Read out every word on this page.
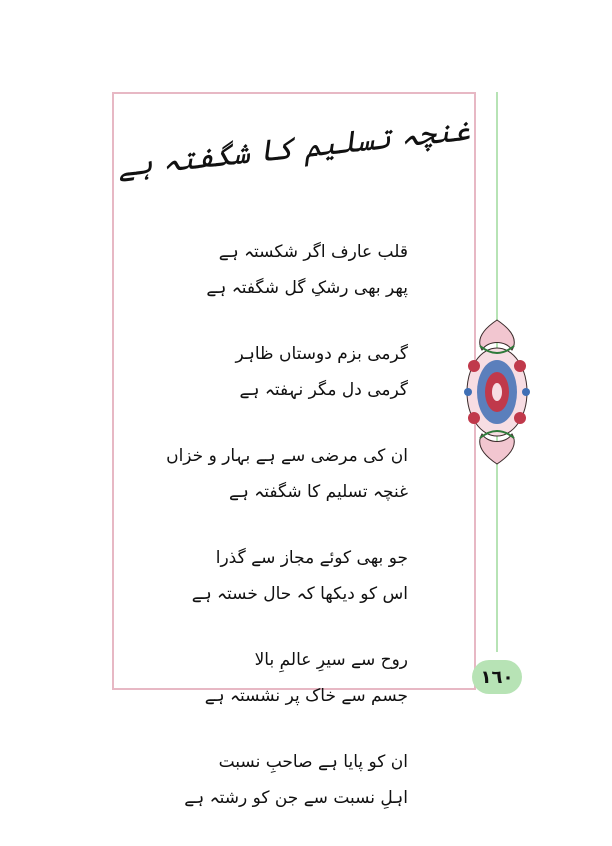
غنچہ تسلیم کا شگفتہ ہے
قلب عارف اگر شکستہ ہے
پھر بھی رشکِ گل شگفتہ ہے
گرمی بزم دوستاں ظاہر
گرمی دل مگر نہفتہ ہے
ان کی مرضی سے ہے بہار و خزاں
غنچہ تسلیم کا شگفتہ ہے
جو بھی کوئے مجاز سے گذرا
اس کو دیکھا کہ حال خستہ ہے
روح سے سیرِ عالمِ بالا
جسم سے خاک پر نشستہ ہے
ان کو پایا ہے صاحبِ نسبت
اہلِ نسبت سے جن کو رشتہ ہے
١٦٠
